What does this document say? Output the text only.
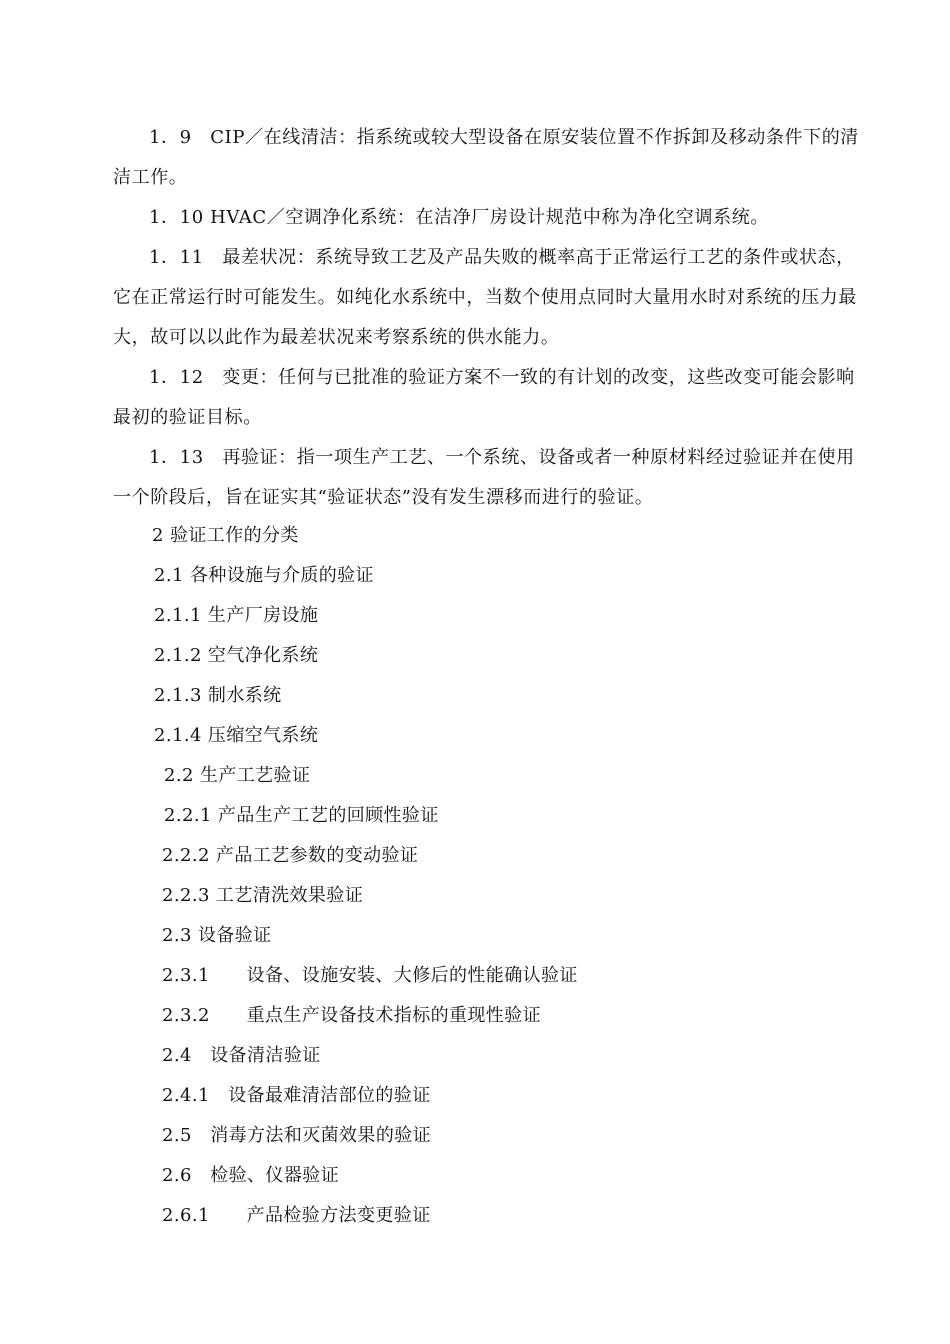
1．9　CIP／在线清洁：指系统或较大型设备在原安装位置不作拆卸及移动条件下的清洁工作。

1．10 HVAC／空调净化系统：在洁净厂房设计规范中称为净化空调系统。

1．11　最差状况：系统导致工艺及产品失败的概率高于正常运行工艺的条件或状态，它在正常运行时可能发生。如纯化水系统中，当数个使用点同时大量用水时对系统的压力最大，故可以以此作为最差状况来考察系统的供水能力。

1．12　变更：任何与已批准的验证方案不一致的有计划的改变，这些改变可能会影响最初的验证目标。

1．13　再验证：指一项生产工艺、一个系统、设备或者一种原材料经过验证并在使用一个阶段后，旨在证实其“验证状态”没有发生漂移而进行的验证。

2 验证工作的分类

2.1 各种设施与介质的验证

2.1.1 生产厂房设施

2.1.2 空气净化系统

2.1.3 制水系统

2.1.4 压缩空气系统

2.2 生产工艺验证

2.2.1 产品生产工艺的回顾性验证

2.2.2 产品工艺参数的变动验证

2.2.3 工艺清洗效果验证

2.3 设备验证

2.3.1　　设备、设施安装、大修后的性能确认验证

2.3.2　　重点生产设备技术指标的重现性验证

2.4　设备清洁验证

2.4.1　设备最难清洁部位的验证

2.5　消毒方法和灭菌效果的验证

2.6　检验、仪器验证

2.6.1　　产品检验方法变更验证
